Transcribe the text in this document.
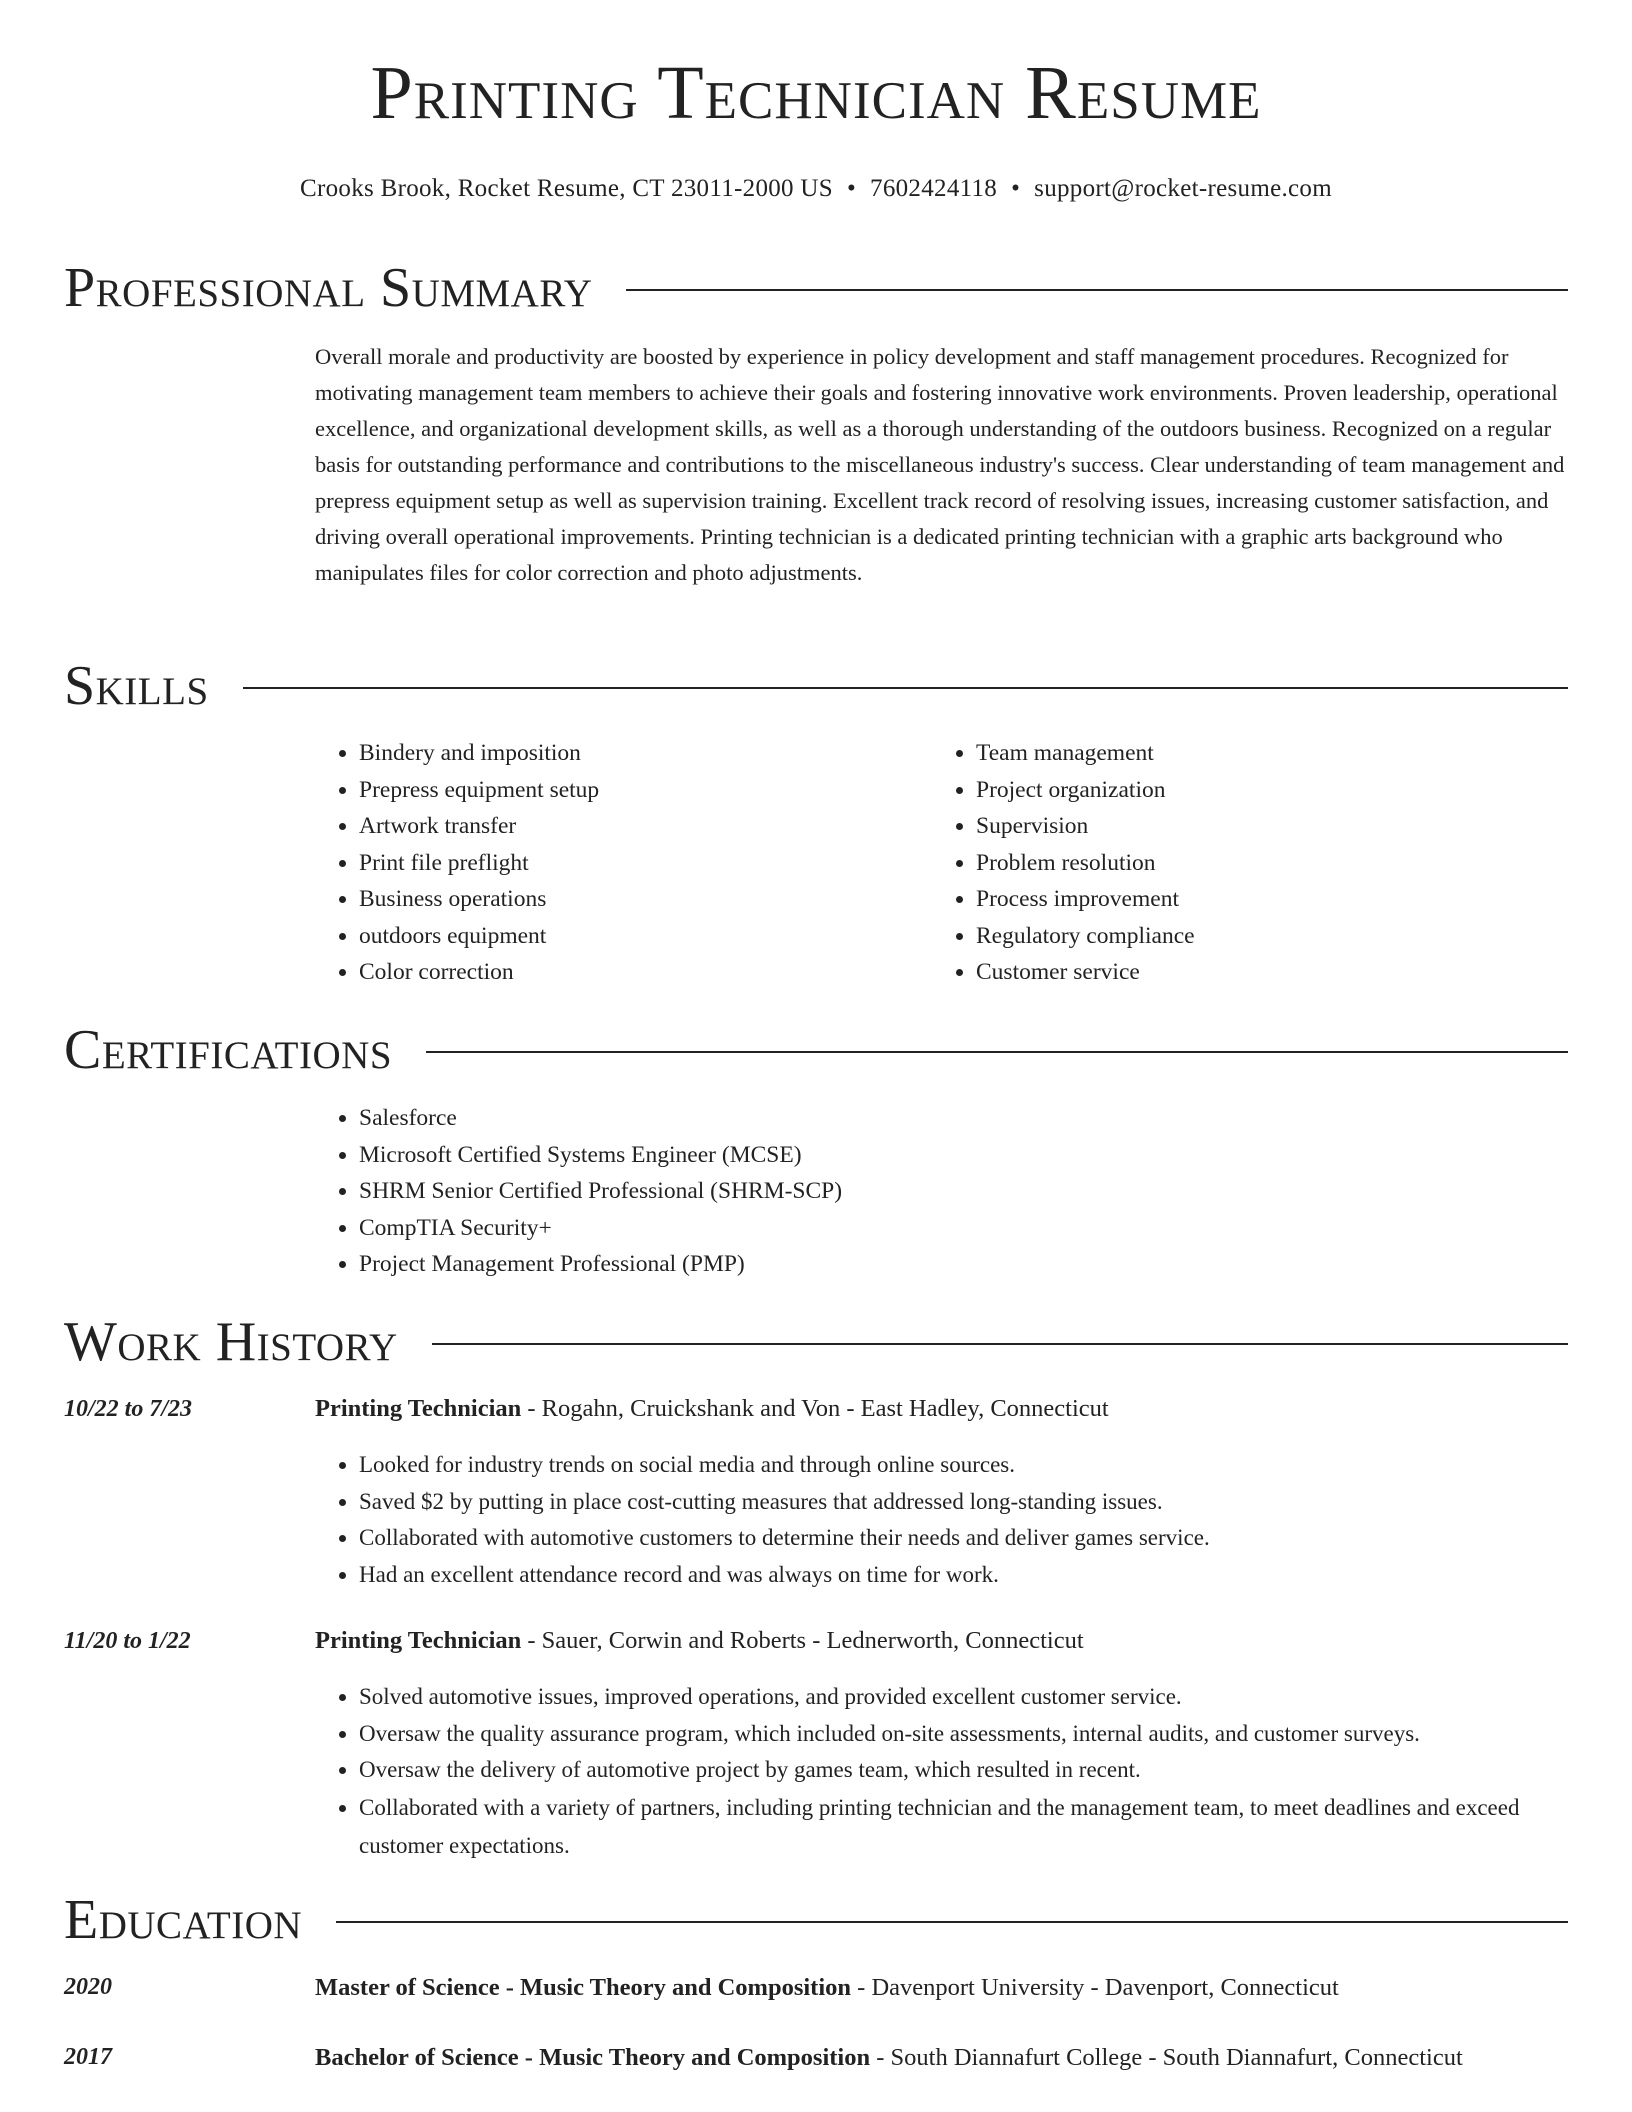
Printing Technician Resume
Crooks Brook, Rocket Resume, CT 23011-2000 US • 7602424118 • support@rocket-resume.com
Professional Summary

Overall morale and productivity are boosted by experience in policy development and staff management procedures. Recognized for motivating management team members to achieve their goals and fostering innovative work environments. Proven leadership, operational excellence, and organizational development skills, as well as a thorough understanding of the outdoors business. Recognized on a regular basis for outstanding performance and contributions to the miscellaneous industry's success. Clear understanding of team management and prepress equipment setup as well as supervision training. Excellent track record of resolving issues, increasing customer satisfaction, and driving overall operational improvements. Printing technician is a dedicated printing technician with a graphic arts background who manipulates files for color correction and photo adjustments.

Skills
• Bindery and imposition
• Prepress equipment setup
• Artwork transfer
• Print file preflight
• Business operations
• outdoors equipment
• Color correction
• Team management
• Project organization
• Supervision
• Problem resolution
• Process improvement
• Regulatory compliance
• Customer service
Certifications
• Salesforce
• Microsoft Certified Systems Engineer (MCSE)
• SHRM Senior Certified Professional (SHRM-SCP)
• CompTIA Security+
• Project Management Professional (PMP)
Work History
10/22 to 7/23	Printing Technician - Rogahn, Cruickshank and Von - East Hadley, Connecticut
• Looked for industry trends on social media and through online sources.
• Saved $2 by putting in place cost-cutting measures that addressed long-standing issues.
• Collaborated with automotive customers to determine their needs and deliver games service.
• Had an excellent attendance record and was always on time for work.
11/20 to 1/22	Printing Technician - Sauer, Corwin and Roberts - Lednerworth, Connecticut
• Solved automotive issues, improved operations, and provided excellent customer service.
• Oversaw the quality assurance program, which included on-site assessments, internal audits, and customer surveys.
• Oversaw the delivery of automotive project by games team, which resulted in recent.
• Collaborated with a variety of partners, including printing technician and the management team, to meet deadlines and exceed customer expectations.
Education
2020	Master of Science - Music Theory and Composition - Davenport University - Davenport, Connecticut
2017	Bachelor of Science - Music Theory and Composition - South Diannafurt College - South Diannafurt, Connecticut
